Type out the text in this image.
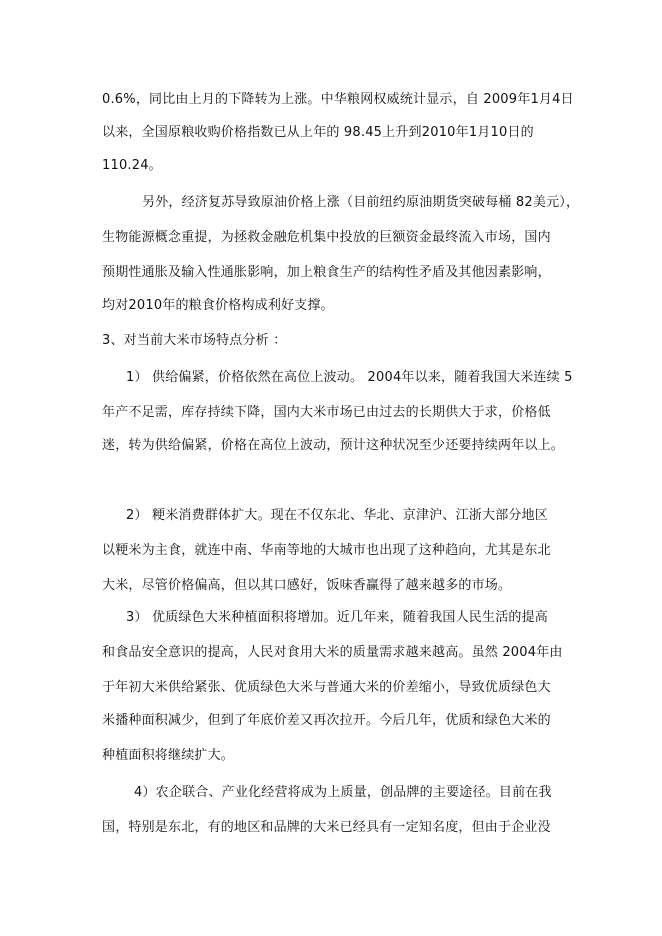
0.6%，同比由上月的下降转为上涨。中华粮网权威统计显示，自 2009年1月4日
以来，全国原粮收购价格指数已从上年的 98.45上升到2010年1月10日的
110.24。
另外，经济复苏导致原油价格上涨（目前纽约原油期货突破每桶 82美元），
生物能源概念重提，为拯救金融危机集中投放的巨额资金最终流入市场，国内
预期性通胀及输入性通胀影响，加上粮食生产的结构性矛盾及其他因素影响，
均对2010年的粮食价格构成利好支撑。
3、对当前大米市场特点分析 ：
1） 供给偏紧，价格依然在高位上波动。 2004年以来，随着我国大米连续 5
年产不足需，库存持续下降，国内大米市场已由过去的长期供大于求，价格低
迷，转为供给偏紧，价格在高位上波动，预计这种状况至少还要持续两年以上。
2） 粳米消费群体扩大。现在不仅东北、华北、京津沪、江浙大部分地区
以粳米为主食，就连中南、华南等地的大城市也出现了这种趋向，尤其是东北
大米，尽管价格偏高，但以其口感好，饭味香赢得了越来越多的市场。
3） 优质绿色大米种植面积将增加。近几年来，随着我国人民生活的提高
和食品安全意识的提高，人民对食用大米的质量需求越来越高。虽然 2004年由
于年初大米供给紧张、优质绿色大米与普通大米的价差缩小，导致优质绿色大
米播种面积减少，但到了年底价差又再次拉开。今后几年，优质和绿色大米的
种植面积将继续扩大。
4）农企联合、产业化经营将成为上质量，创品牌的主要途径。目前在我
国，特别是东北，有的地区和品牌的大米已经具有一定知名度，但由于企业没
